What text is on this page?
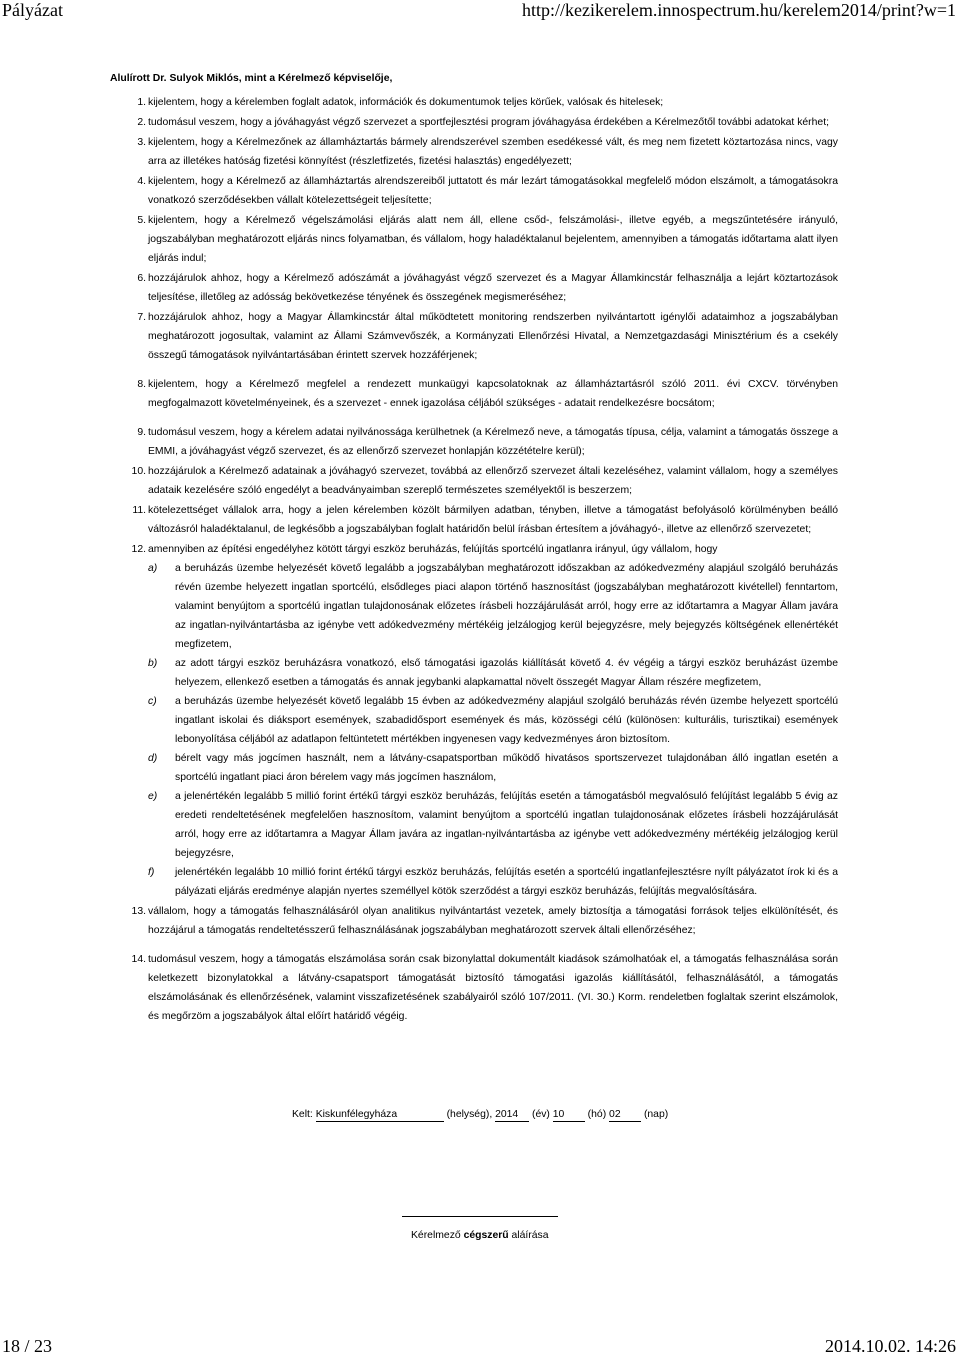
Pályázat	http://kezikerelem.innospectrum.hu/kerelem2014/print?w=1

Alulírott Dr. Sulyok Miklós, mint a Kérelmező képviselője,

1. kijelentem, hogy a kérelemben foglalt adatok, információk és dokumentumok teljes körűek, valósak és hitelesek;
2. tudomásul veszem, hogy a jóváhagyást végző szervezet a sportfejlesztési program jóváhagyása érdekében a Kérelmezőtől további adatokat kérhet;
3. kijelentem, hogy a Kérelmezőnek az államháztartás bármely alrendszerével szemben esedékessé vált, és meg nem fizetett köztartozása nincs, vagy arra az illetékes hatóság fizetési könnyítést (részletfizetés, fizetési halasztás) engedélyezett;
4. kijelentem, hogy a Kérelmező az államháztartás alrendszereiből juttatott és már lezárt támogatásokkal megfelelő módon elszámolt, a támogatásokra vonatkozó szerződésekben vállalt kötelezettségeit teljesítette;
5. kijelentem, hogy a Kérelmező végelszámolási eljárás alatt nem áll, ellene csőd-, felszámolási-, illetve egyéb, a megszűntetésére irányuló, jogszabályban meghatározott eljárás nincs folyamatban, és vállalom, hogy haladéktalanul bejelentem, amennyiben a támogatás időtartama alatt ilyen eljárás indul;
6. hozzájárulok ahhoz, hogy a Kérelmező adószámát a jóváhagyást végző szervezet és a Magyar Államkincstár felhasználja a lejárt köztartozások teljesítése, illetőleg az adósság bekövetkezése tényének és összegének megismeréséhez;
7. hozzájárulok ahhoz, hogy a Magyar Államkincstár által működtetett monitoring rendszerben nyilvántartott igénylői adataimhoz a jogszabályban meghatározott jogosultak, valamint az Állami Számvevőszék, a Kormányzati Ellenőrzési Hivatal, a Nemzetgazdasági Minisztérium és a csekély összegű támogatások nyilvántartásában érintett szervek hozzáférjenek;
8. kijelentem, hogy a Kérelmező megfelel a rendezett munkaügyi kapcsolatoknak az államháztartásról szóló 2011. évi CXCV. törvényben megfogalmazott követelményeinek, és a szervezet - ennek igazolása céljából szükséges - adatait rendelkezésre bocsátom;
9. tudomásul veszem, hogy a kérelem adatai nyilvánossága kerülhetnek (a Kérelmező neve, a támogatás típusa, célja, valamint a támogatás összege a EMMI, a jóváhagyást végző szervezet, és az ellenőrző szervezet honlapján közzétételre kerül);
10. hozzájárulok a Kérelmező adatainak a jóváhagyó szervezet, továbbá az ellenőrző szervezet általi kezeléséhez, valamint vállalom, hogy a személyes adataik kezelésére szóló engedélyt a beadványaimban szereplő természetes személyektől is beszerzem;
11. kötelezettséget vállalok arra, hogy a jelen kérelemben közölt bármilyen adatban, tényben, illetve a támogatást befolyásoló körülményben beálló változásról haladéktalanul, de legkésőbb a jogszabályban foglalt határidőn belül írásban értesítem a jóváhagyó-, illetve az ellenőrző szervezetet;
12. amennyiben az építési engedélyhez kötött tárgyi eszköz beruházás, felújítás sportcélú ingatlanra irányul, úgy vállalom, hogy
a) a beruházás üzembe helyezését követő legalább a jogszabályban meghatározott időszakban az adókedvezmény alapjául szolgáló beruházás révén üzembe helyezett ingatlan sportcélú, elsődleges piaci alapon történő hasznosítást (jogszabályban meghatározott kivétellel) fenntartom, valamint benyújtom a sportcélú ingatlan tulajdonosának előzetes írásbeli hozzájárulását arról, hogy erre az időtartamra a Magyar Állam javára az ingatlan-nyilvántartásba az igénybe vett adókedvezmény mértékéig jelzálogjog kerül bejegyzésre, mely bejegyzés költségének ellenértékét megfizetem,
b) az adott tárgyi eszköz beruházásra vonatkozó, első támogatási igazolás kiállítását követő 4. év végéig a tárgyi eszköz beruházást üzembe helyezem, ellenkező esetben a támogatás és annak jegybanki alapkamattal növelt összegét Magyar Állam részére megfizetem,
c) a beruházás üzembe helyezését követő legalább 15 évben az adókedvezmény alapjául szolgáló beruházás révén üzembe helyezett sportcélú ingatlant iskolai és diáksport események, szabadidősport események és más, közösségi célú (különösen: kulturális, turisztikai) események lebonyolítása céljából az adatlapon feltüntetett mértékben ingyenesen vagy kedvezményes áron biztosítom.
d) bérelt vagy más jogcímen használt, nem a látvány-csapatsportban működő hivatásos sportszervezet tulajdonában álló ingatlan esetén a sportcélú ingatlant piaci áron bérelem vagy más jogcímen használom,
e) a jelenértékén legalább 5 millió forint értékű tárgyi eszköz beruházás, felújítás esetén a támogatásból megvalósuló felújítást legalább 5 évig az eredeti rendeltetésének megfelelően hasznosítom, valamint benyújtom a sportcélú ingatlan tulajdonosának előzetes írásbeli hozzájárulását arról, hogy erre az időtartamra a Magyar Állam javára az ingatlan-nyilvántartásba az igénybe vett adókedvezmény mértékéig jelzálogjog kerül bejegyzésre,
f) jelenértékén legalább 10 millió forint értékű tárgyi eszköz beruházás, felújítás esetén a sportcélú ingatlanfejlesztésre nyílt pályázatot írok ki és a pályázati eljárás eredménye alapján nyertes személlyel kötök szerződést a tárgyi eszköz beruházás, felújítás megvalósítására.
13. vállalom, hogy a támogatás felhasználásáról olyan analitikus nyilvántartást vezetek, amely biztosítja a támogatási források teljes elkülönítését, és hozzájárul a támogatás rendeltetésszerű felhasználásának jogszabályban meghatározott szervek általi ellenőrzéséhez;
14. tudomásul veszem, hogy a támogatás elszámolása során csak bizonylattal dokumentált kiadások számolhatóak el, a támogatás felhasználása során keletkezett bizonylatokkal a látvány-csapatsport támogatását biztosító támogatási igazolás kiállításától, felhasználásától, a támogatás elszámolásának és ellenőrzésének, valamint visszafizetésének szabályairól szóló 107/2011. (VI. 30.) Korm. rendeletben foglaltak szerint elszámolok, és megőrzöm a jogszabályok által előírt határidő végéig.
Kelt: Kiskunfélegyháza	(helység), 2014 (év) 10 (hó) 02 (nap)
Kérelmező cégszerű aláírása
18 / 23	2014.10.02. 14:26
